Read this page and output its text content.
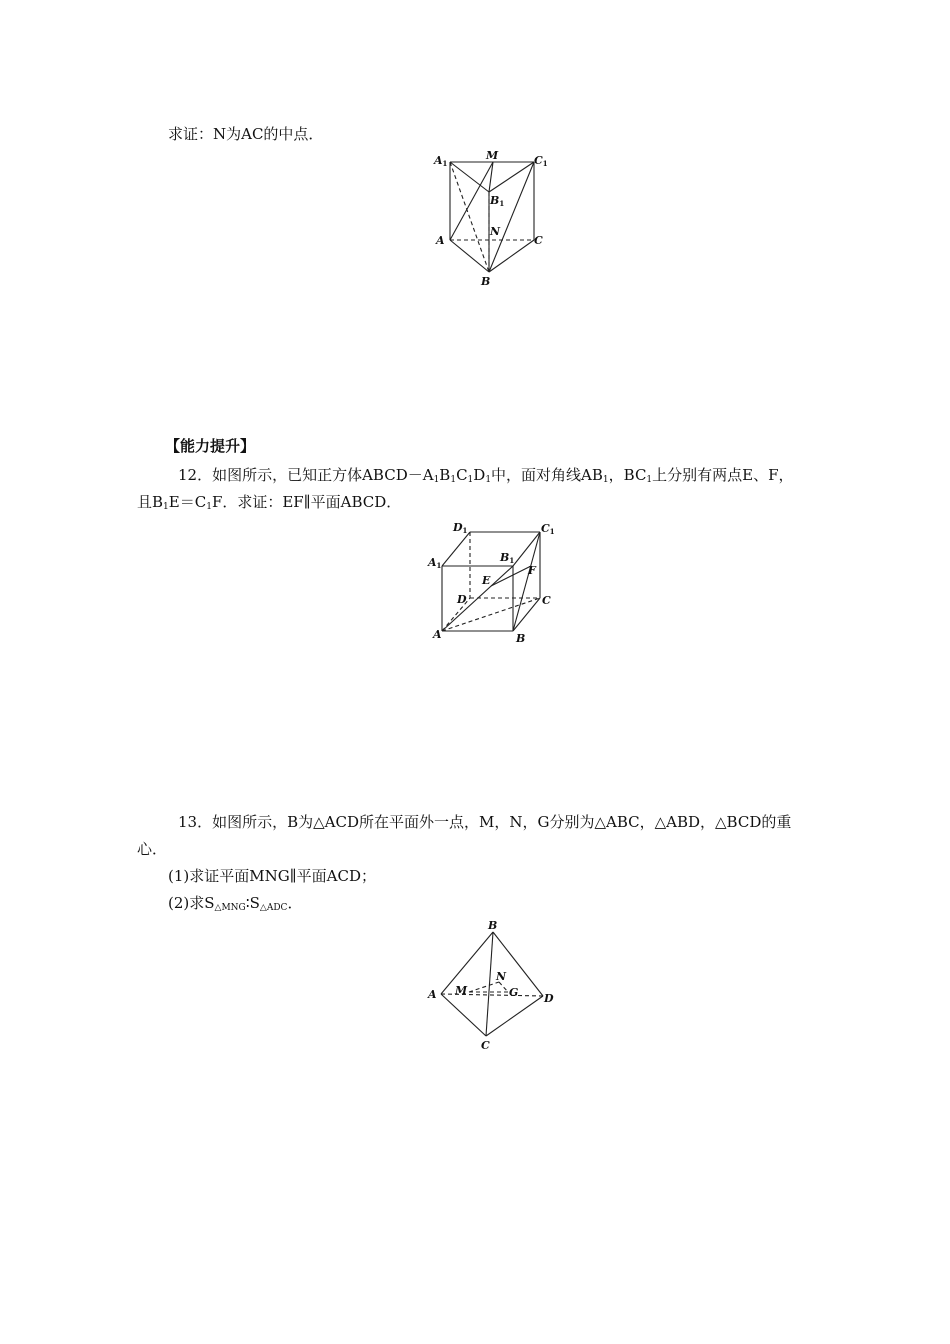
求证：N为AC的中点．
A1
M	C1
B1
A
N
C
B
【能力提升】
12．如图所示，已知正方体$ABCD-A_1B_1C_1D_1$中，面对角线$AB_1$，$BC_1$上分别有两点E、F，
且$B_1E=C_1F$．求证：EF∥平面ABCD．
D1	C1
A1
B1
E
F
D	C
A	B
13．如图所示，B为△ACD所在平面外一点，M，N，G分别为△ABC，△ABD，△BCD的重
心．
(1)求证平面MNG∥平面ACD；
(2)求$S_{\triangle MNG}∶S_{\triangle ADC}$．
B
N
A M	G D
C
